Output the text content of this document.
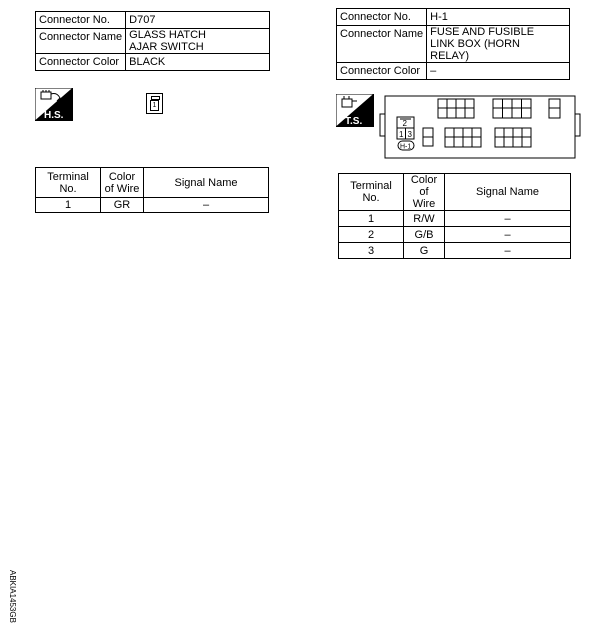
Connector No.	D707
Connector Name	GLASS HATCH AJAR SWITCH
Connector Color	BLACK
H.S.
1
Terminal No.	Color of Wire	Signal Name
1	GR	–
Connector No.	H-1
Connector Name	FUSE AND FUSIBLE LINK BOX (HORN RELAY)
Connector Color	–
T.S.	2
1 3
H-1
Terminal No.	Color of Wire	Signal Name
1	R/W	–
2	G/B	–
3	G	–
ABKIA1453GB
